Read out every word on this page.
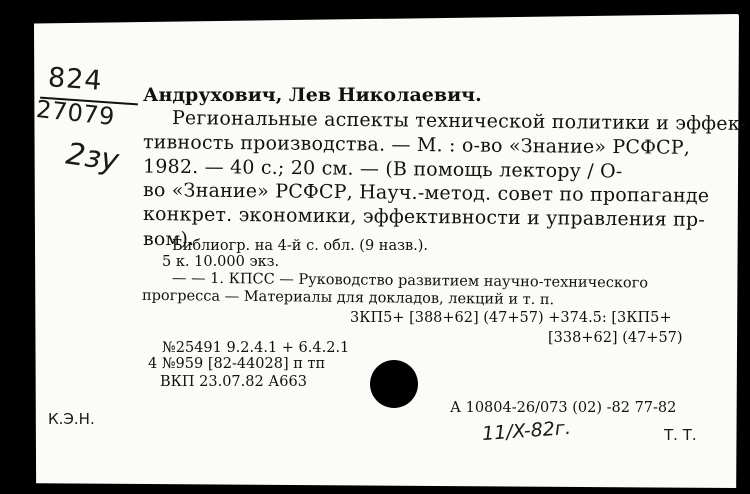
824
27079
2зу
Андрухович, Лев Николаевич.
Региональные аспекты технической политики и эффек-
тивность производства. — М. : о-во «Знание» РСФСР,
1982. — 40 с.; 20 см. — (В помощь лектору / О-
во «Знание» РСФСР, Науч.-метод. совет по пропаганде
конкрет. экономики, эффективности и управления пр-
вом).
Библиогр. на 4-й с. обл. (9 назв.).
5 к. 10.000 экз.
— — 1. КПСС — Руководство развитием научно-технического
прогресса — Материалы для докладов, лекций и т. п.
3КП5+ [388+62] (47+57) +374.5: [3КП5+
[338+62] (47+57)
№25491 9.2.4.1 + 6.4.2.1
4 №959 [82-44028] п тп
ВКП 23.07.82 А663
А 10804-26/073 (02) -82 77-82
11/X-82г.
К.Э.Н.
Т. Т.
